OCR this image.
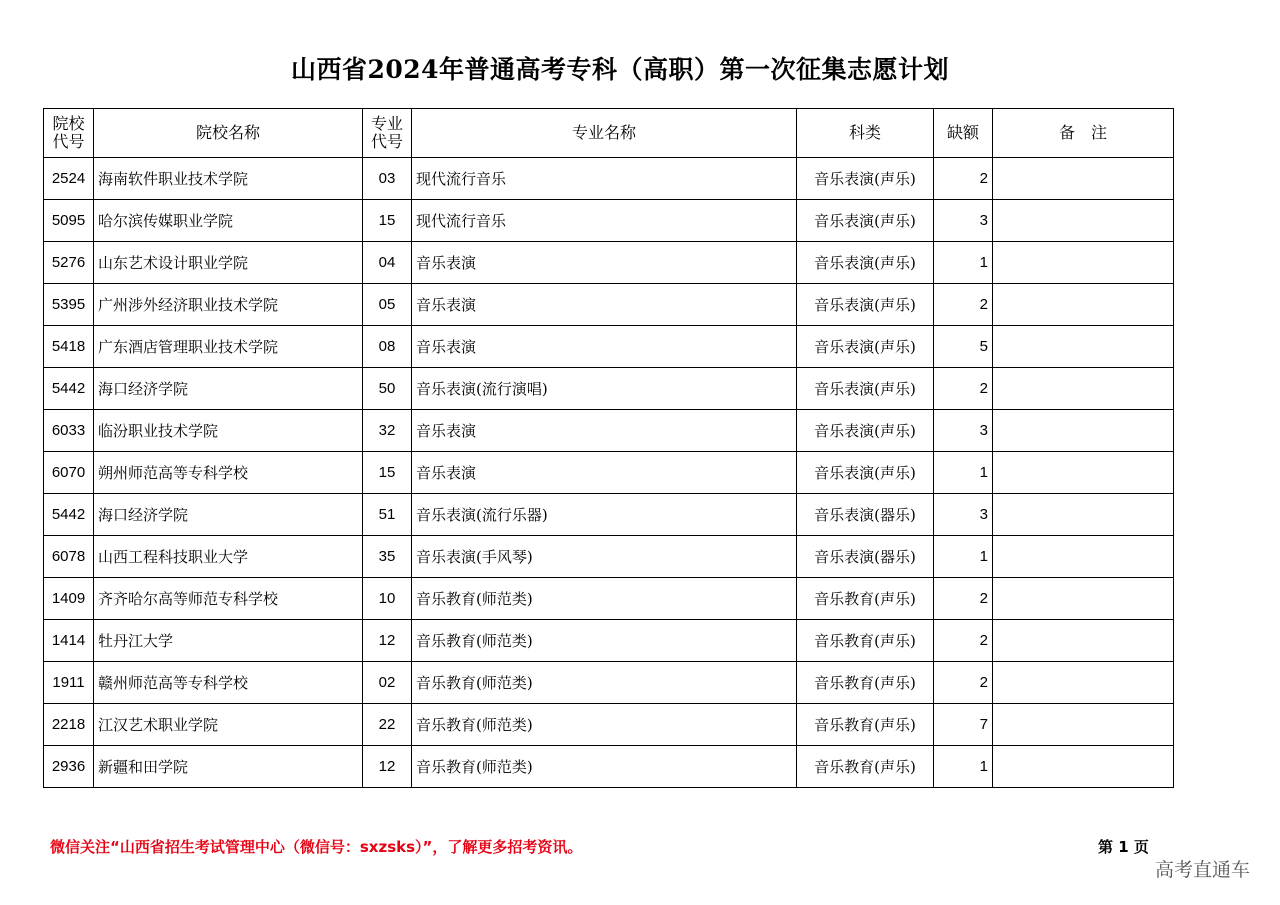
山西省2024年普通高考专科（高职）第一次征集志愿计划
院校代号	院校名称	专业代号	专业名称	科类	缺额	备　注
2524	海南软件职业技术学院	03	现代流行音乐	音乐表演(声乐)	2	
5095	哈尔滨传媒职业学院	15	现代流行音乐	音乐表演(声乐)	3	
5276	山东艺术设计职业学院	04	音乐表演	音乐表演(声乐)	1	
5395	广州涉外经济职业技术学院	05	音乐表演	音乐表演(声乐)	2	
5418	广东酒店管理职业技术学院	08	音乐表演	音乐表演(声乐)	5	
5442	海口经济学院	50	音乐表演(流行演唱)	音乐表演(声乐)	2	
6033	临汾职业技术学院	32	音乐表演	音乐表演(声乐)	3	
6070	朔州师范高等专科学校	15	音乐表演	音乐表演(声乐)	1	
5442	海口经济学院	51	音乐表演(流行乐器)	音乐表演(器乐)	3	
6078	山西工程科技职业大学	35	音乐表演(手风琴)	音乐表演(器乐)	1	
1409	齐齐哈尔高等师范专科学校	10	音乐教育(师范类)	音乐教育(声乐)	2	
1414	牡丹江大学	12	音乐教育(师范类)	音乐教育(声乐)	2	
1911	赣州师范高等专科学校	02	音乐教育(师范类)	音乐教育(声乐)	2	
2218	江汉艺术职业学院	22	音乐教育(师范类)	音乐教育(声乐)	7	
2936	新疆和田学院	12	音乐教育(师范类)	音乐教育(声乐)	1	
微信关注“山西省招生考试管理中心（微信号：sxzsks）”，了解更多招考资讯。	第 1 页
高考直通车
